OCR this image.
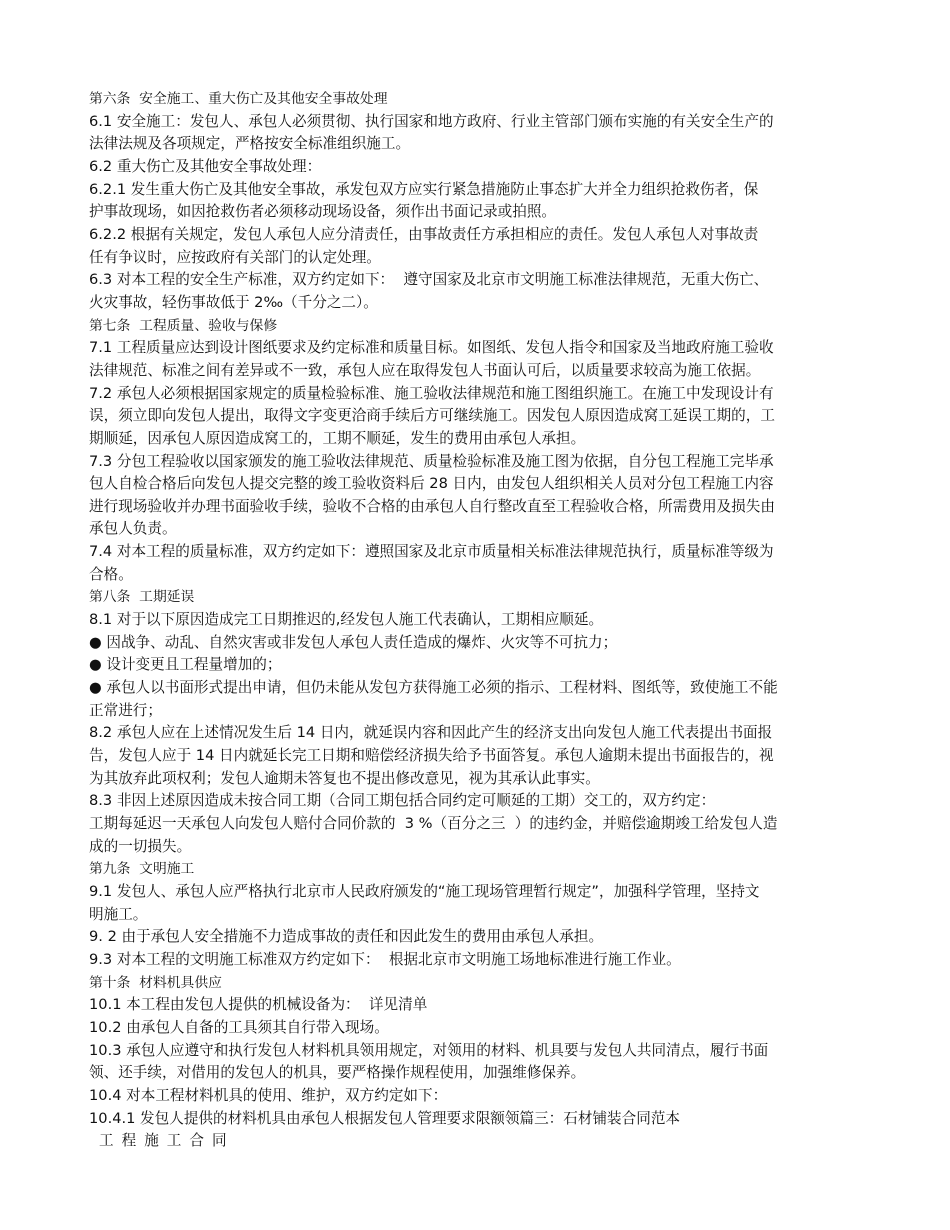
第六条  安全施工、重大伤亡及其他安全事故处理

6.1 安全施工：发包人、承包人必须贯彻、执行国家和地方政府、行业主管部门颁布实施的有关安全生产的

法律法规及各项规定，严格按安全标准组织施工。

6.2 重大伤亡及其他安全事故处理：

6.2.1 发生重大伤亡及其他安全事故，承发包双方应实行紧急措施防止事态扩大并全力组织抢救伤者，保

护事故现场，如因抢救伤者必须移动现场设备，须作出书面记录或拍照。

6.2.2 根据有关规定，发包人承包人应分清责任，由事故责任方承担相应的责任。发包人承包人对事故责

任有争议时，应按政府有关部门的认定处理。

6.3 对本工程的安全生产标准，双方约定如下：  遵守国家及北京市文明施工标准法律规范，无重大伤亡、

火灾事故，轻伤事故低于 2‰（千分之二）。

第七条  工程质量、验收与保修

7.1 工程质量应达到设计图纸要求及约定标准和质量目标。如图纸、发包人指令和国家及当地政府施工验收

法律规范、标准之间有差异或不一致，承包人应在取得发包人书面认可后，以质量要求较高为施工依据。

7.2 承包人必须根据国家规定的质量检验标准、施工验收法律规范和施工图组织施工。在施工中发现设计有

误，须立即向发包人提出，取得文字变更洽商手续后方可继续施工。因发包人原因造成窝工延误工期的，工

期顺延，因承包人原因造成窝工的，工期不顺延，发生的费用由承包人承担。

7.3 分包工程验收以国家颁发的施工验收法律规范、质量检验标准及施工图为依据，自分包工程施工完毕承

包人自检合格后向发包人提交完整的竣工验收资料后 28 日内，由发包人组织相关人员对分包工程施工内容

进行现场验收并办理书面验收手续，验收不合格的由承包人自行整改直至工程验收合格，所需费用及损失由

承包人负责。

7.4 对本工程的质量标准，双方约定如下：遵照国家及北京市质量相关标准法律规范执行，质量标准等级为

合格。

第八条  工期延误

8.1 对于以下原因造成完工日期推迟的,经发包人施工代表确认，工期相应顺延。

● 因战争、动乱、自然灾害或非发包人承包人责任造成的爆炸、火灾等不可抗力；

● 设计变更且工程量增加的；

● 承包人以书面形式提出申请，但仍未能从发包方获得施工必须的指示、工程材料、图纸等，致使施工不能

正常进行；

8.2 承包人应在上述情况发生后 14 日内，就延误内容和因此产生的经济支出向发包人施工代表提出书面报

告，发包人应于 14 日内就延长完工日期和赔偿经济损失给予书面答复。承包人逾期未提出书面报告的，视

为其放弃此项权利；发包人逾期未答复也不提出修改意见，视为其承认此事实。

8.3 非因上述原因造成未按合同工期（合同工期包括合同约定可顺延的工期）交工的，双方约定：

工期每延迟一天承包人向发包人赔付合同价款的  3 %（百分之三  ）的违约金，并赔偿逾期竣工给发包人造

成的一切损失。

第九条  文明施工

9.1 发包人、承包人应严格执行北京市人民政府颁发的“施工现场管理暂行规定”，加强科学管理，坚持文

明施工。

9. 2 由于承包人安全措施不力造成事故的责任和因此发生的费用由承包人承担。

9.3 对本工程的文明施工标准双方约定如下：  根据北京市文明施工场地标准进行施工作业。

第十条  材料机具供应

10.1 本工程由发包人提供的机械设备为：  详见清单

10.2 由承包人自备的工具须其自行带入现场。

10.3 承包人应遵守和执行发包人材料机具领用规定，对领用的材料、机具要与发包人共同清点，履行书面

领、还手续，对借用的发包人的机具，要严格操作规程使用，加强维修保养。

10.4 对本工程材料机具的使用、维护，双方约定如下：

10.4.1 发包人提供的材料机具由承包人根据发包人管理要求限额领篇三：石材铺装合同范本

工程施工合同
